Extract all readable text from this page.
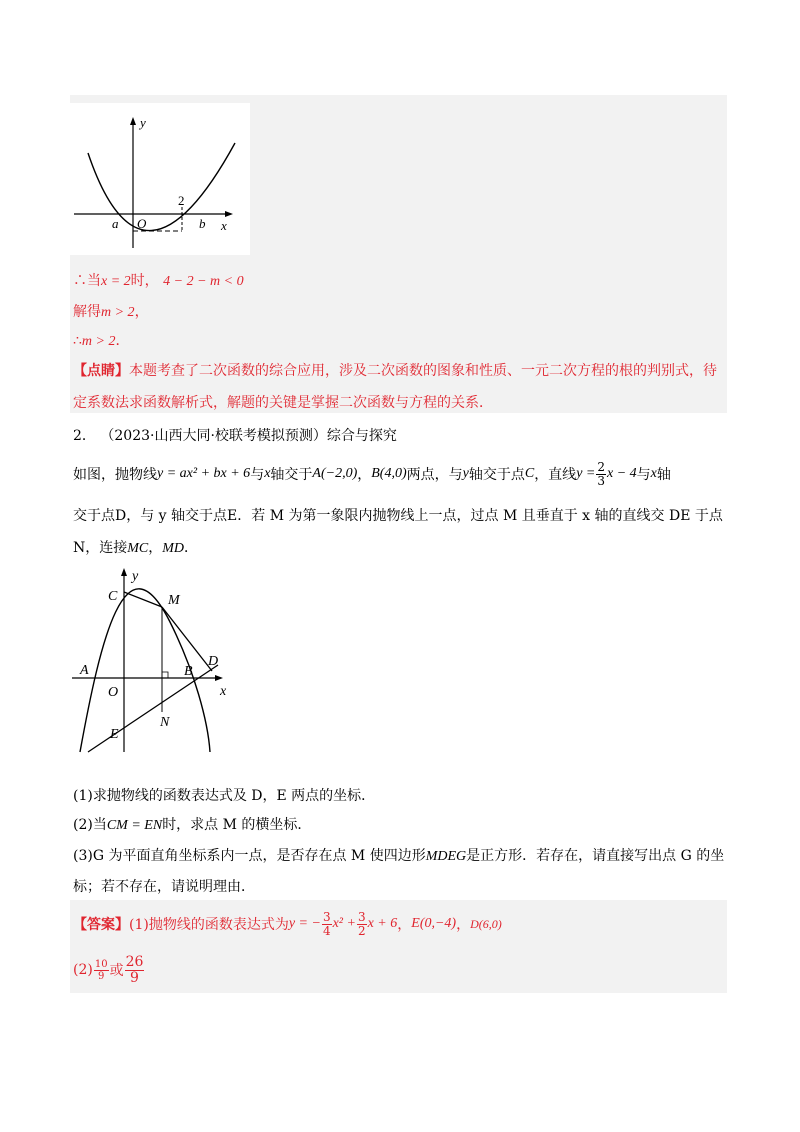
y
x
a O	b
2
∴当x = 2时， 4 − 2 − m < 0
解得m > 2，
∴m > 2．
【点睛】本题考查了二次函数的综合应用，涉及二次函数的图象和性质、一元二次方程的根的判别式，待
定系数法求函数解析式，解题的关键是掌握二次函数与方程的关系．
2． （2023·山西大同·校联考模拟预测）综合与探究
如图，抛物线 y = ax² + bx + 6 与 x 轴交于 A(−2,0) ， B(4,0) 两点，与 y 轴交于点 C ，直线 $y = \frac{2}{3}$ x − 4 与 x 轴
交于点D，与 y 轴交于点E．若 M 为第一象限内抛物线上一点，过点 M 且垂直于 x 轴的直线交 DE 于点
N，连接MC，MD．
y
x
C	M
A
O
B
D
N
E
(1)求抛物线的函数表达式及 D，E 两点的坐标．
(2)当CM = EN时，求点 M 的横坐标．
(3)G 为平面直角坐标系内一点，是否存在点 M 使四边形MDEG是正方形．若存在，请直接写出点 G 的坐
标；若不存在，请说明理由．
【答案】 (1)抛物线的函数表达式为 y = − $\frac{3}{4} x^2 + \frac{3}{2}$ x + 6 ， E(0,−4) ， D(6,0)
$(2) \frac{10}{9}$ 或 $\frac{26}{9}$
